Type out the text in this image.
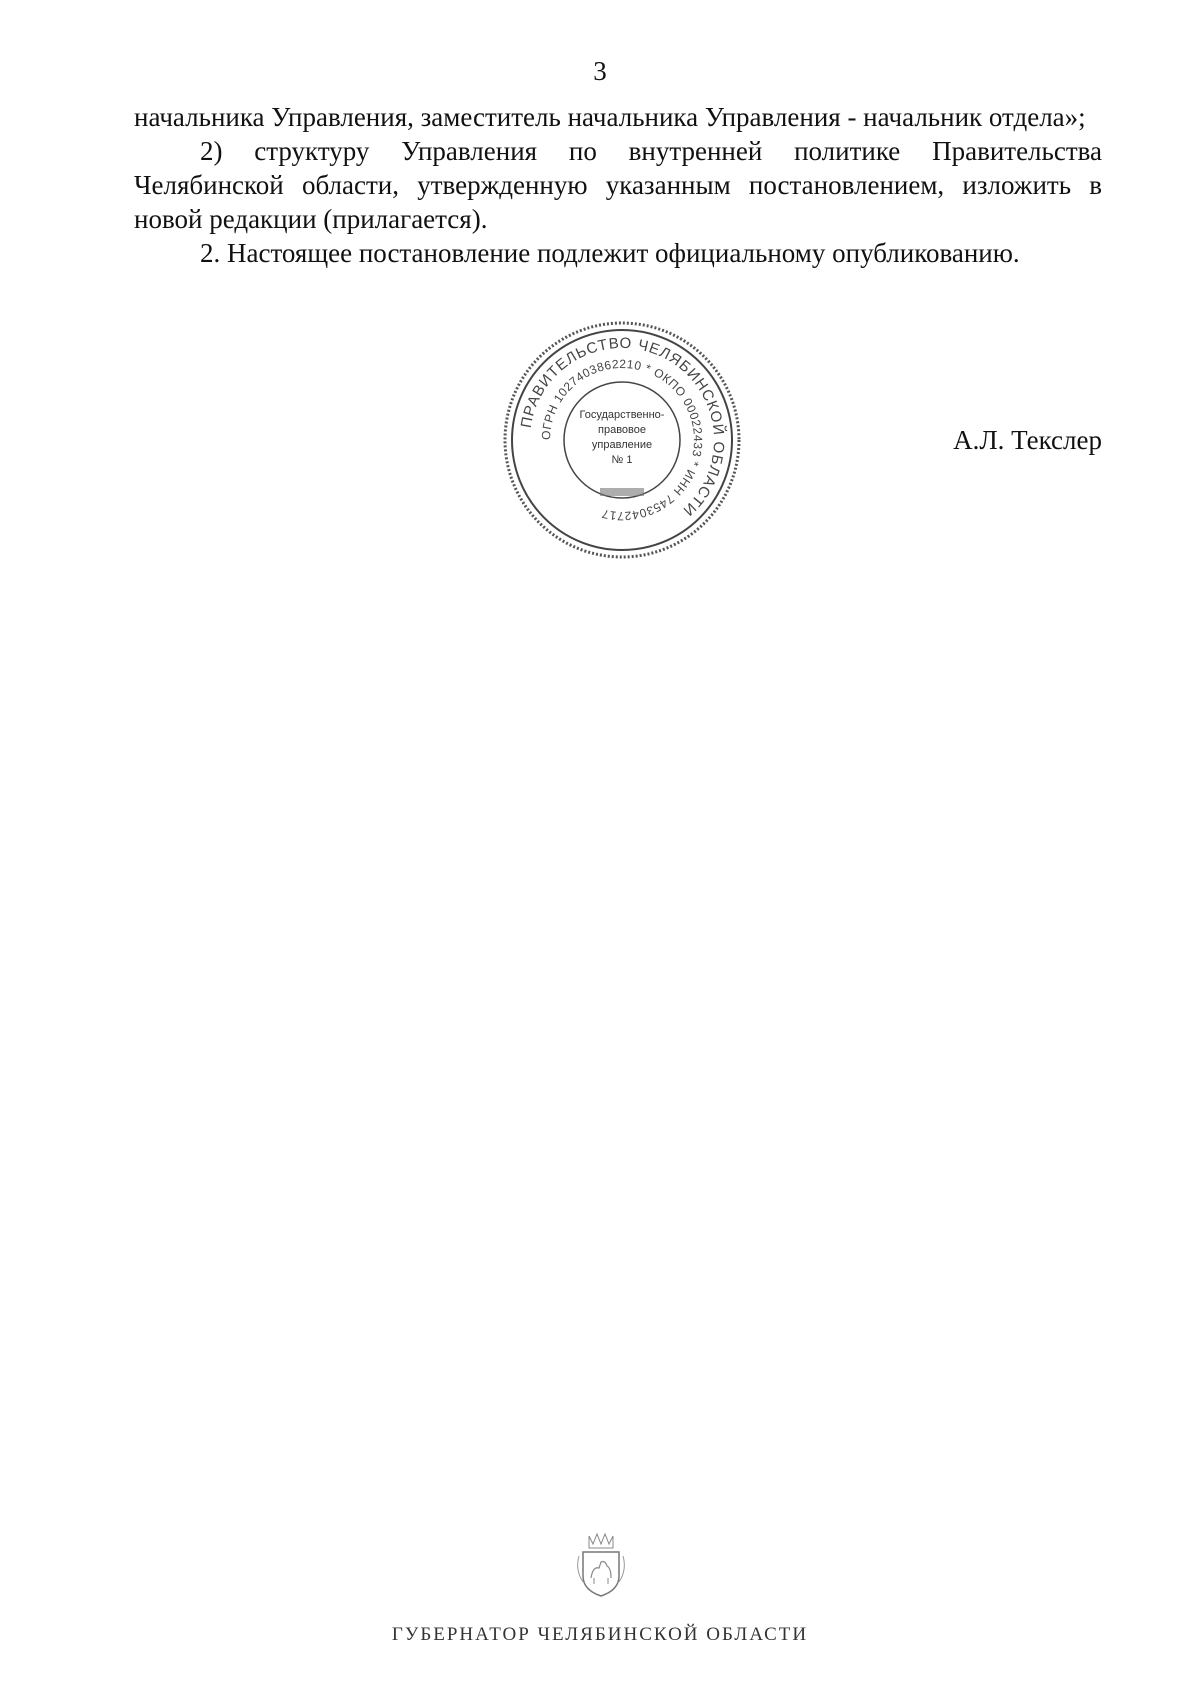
3

начальника Управления, заместитель начальника Управления - начальник отдела»;

2) структуру Управления по внутренней политике Правительства Челябинской области, утвержденную указанным постановлением, изложить в новой редакции (прилагается).

2. Настоящее постановление подлежит официальному опубликованию.

ПРАВИТЕЛЬСТВО ЧЕЛЯБИНСКОЙ ОБЛАСТИ
ОГРН 1027403862210 * ОКПО 00022433 * ИНН 7453042717
Государственно-
правовое
управление
№ 1
А.Л. Текслер
ГУБЕРНАТОР ЧЕЛЯБИНСКОЙ ОБЛАСТИ
